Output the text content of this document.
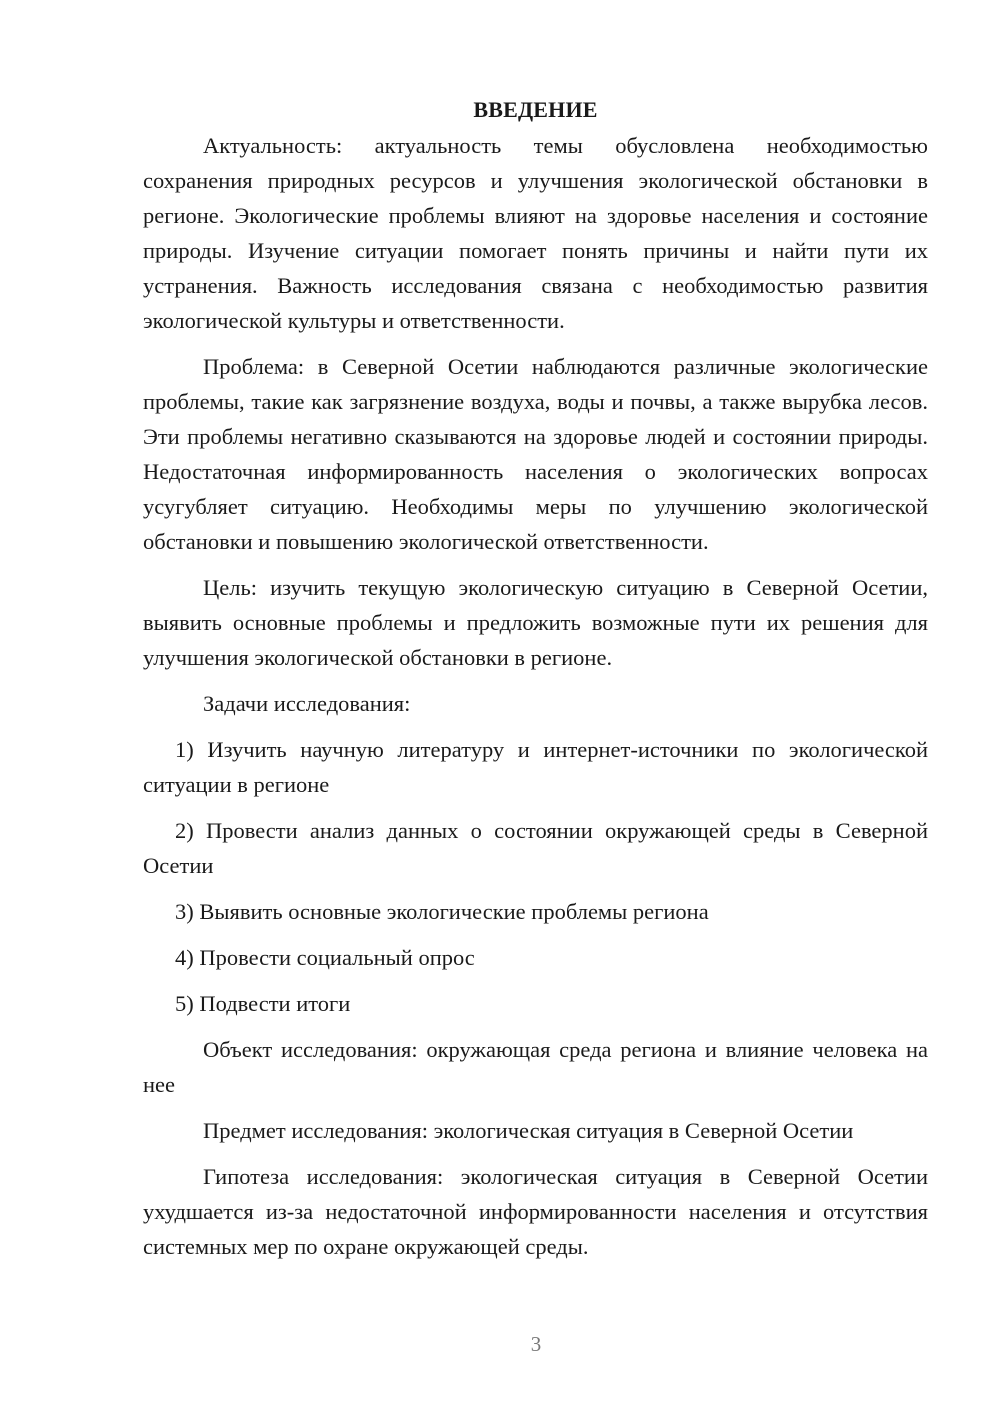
ВВЕДЕНИЕ

Актуальность: актуальность темы обусловлена необходимостью сохранения природных ресурсов и улучшения экологической обстановки в регионе. Экологические проблемы влияют на здоровье населения и состояние природы. Изучение ситуации помогает понять причины и найти пути их устранения. Важность исследования связана с необходимостью развития экологической культуры и ответственности.

Проблема: в Северной Осетии наблюдаются различные экологические проблемы, такие как загрязнение воздуха, воды и почвы, а также вырубка лесов. Эти проблемы негативно сказываются на здоровье людей и состоянии природы. Недостаточная информированность населения о экологических вопросах усугубляет ситуацию. Необходимы меры по улучшению экологической обстановки и повышению экологической ответственности.

Цель: изучить текущую экологическую ситуацию в Северной Осетии, выявить основные проблемы и предложить возможные пути их решения для улучшения экологической обстановки в регионе.

Задачи исследования:

1) Изучить научную литературу и интернет-источники по экологической ситуации в регионе

2) Провести анализ данных о состоянии окружающей среды в Северной Осетии

3) Выявить основные экологические проблемы региона

4) Провести социальный опрос

5) Подвести итоги

Объект исследования: окружающая среда региона и влияние человека на нее

Предмет исследования: экологическая ситуация в Северной Осетии

Гипотеза исследования: экологическая ситуация в Северной Осетии ухудшается из-за недостаточной информированности населения и отсутствия системных мер по охране окружающей среды.

3
